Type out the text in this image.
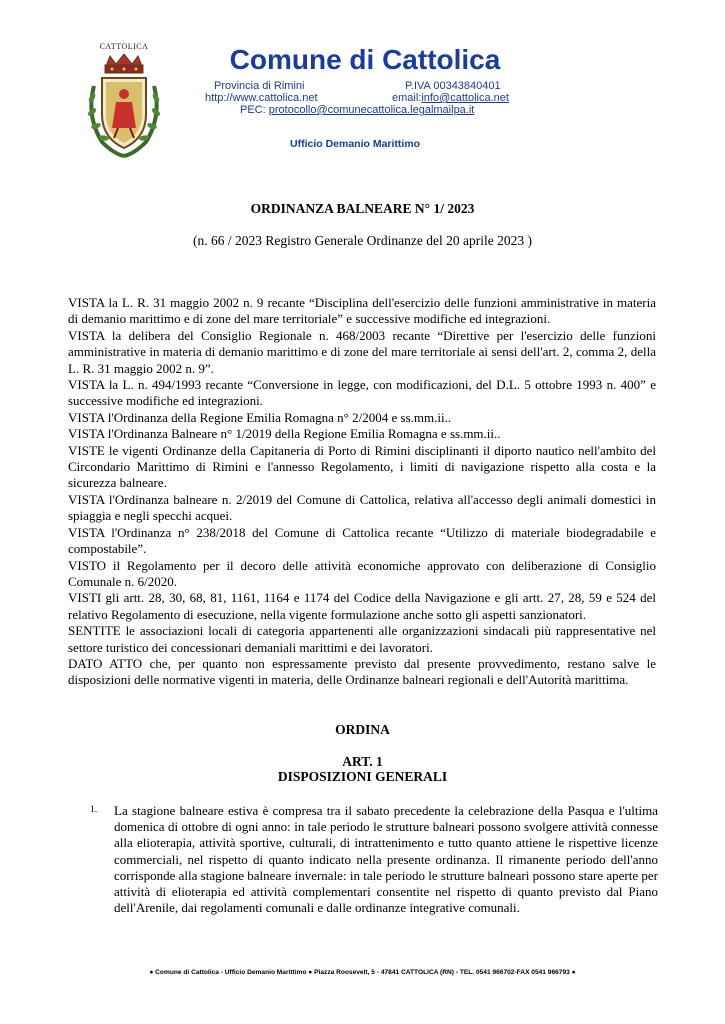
CATTOLICA	Comune di Cattolica
Provincia di Rimini	P.IVA 00343840401
http://www.cattolica.net	email:info@cattolica.net
PEC: protocollo@comunecattolica.legalmailpa.it
Ufficio Demanio Marittimo
ORDINANZA BALNEARE N° 1/ 2023
(n. 66 / 2023 Registro Generale Ordinanze del 20 aprile 2023 )

VISTA la L. R. 31 maggio 2002 n. 9 recante “Disciplina dell'esercizio delle funzioni amministrative in materia di demanio marittimo e di zone del mare territoriale” e successive modifiche ed integrazioni.

VISTA la delibera del Consiglio Regionale n. 468/2003 recante “Direttive per l'esercizio delle funzioni amministrative in materia di demanio marittimo e di zone del mare territoriale ai sensi dell'art. 2, comma 2, della L. R. 31 maggio 2002 n. 9”.

VISTA la L. n. 494/1993 recante “Conversione in legge, con modificazioni, del D.L. 5 ottobre 1993 n. 400” e successive modifiche ed integrazioni.

VISTA l'Ordinanza della Regione Emilia Romagna n° 2/2004 e ss.mm.ii..

VISTA l'Ordinanza Balneare n° 1/2019 della Regione Emilia Romagna e ss.mm.ii..

VISTE le vigenti Ordinanze della Capitaneria di Porto di Rimini disciplinanti il diporto nautico nell'ambito del Circondario Marittimo di Rimini e l'annesso Regolamento, i limiti di navigazione rispetto alla costa e la sicurezza balneare.

VISTA l'Ordinanza balneare n. 2/2019 del Comune di Cattolica, relativa all'accesso degli animali domestici in spiaggia e negli specchi acquei.

VISTA l'Ordinanza n° 238/2018 del Comune di Cattolica recante “Utilizzo di materiale biodegradabile e compostabile”.

VISTO il Regolamento per il decoro delle attività economiche approvato con deliberazione di Consiglio Comunale n. 6/2020.

VISTI gli artt. 28, 30, 68, 81, 1161, 1164 e 1174 del Codice della Navigazione e gli artt. 27, 28, 59 e 524 del relativo Regolamento di esecuzione, nella vigente formulazione anche sotto gli aspetti sanzionatori.

SENTITE le associazioni locali di categoria appartenenti alle organizzazioni sindacali più rappresentative nel settore turistico dei concessionari demaniali marittimi e dei lavoratori.

DATO ATTO che, per quanto non espressamente previsto dal presente provvedimento, restano salve le disposizioni delle normative vigenti in materia, delle Ordinanze balneari regionali e dell'Autorità marittima.

ORDINA
ART. 1
DISPOSIZIONI GENERALI
1. La stagione balneare estiva è compresa tra il sabato precedente la celebrazione della Pasqua e l'ultima domenica di ottobre di ogni anno: in tale periodo le strutture balneari possono svolgere attività connesse alla elioterapia, attività sportive, culturali, di intrattenimento e tutto quanto attiene le rispettive licenze commerciali, nel rispetto di quanto indicato nella presente ordinanza. Il rimanente periodo dell'anno corrisponde alla stagione balneare invernale: in tale periodo le strutture balneari possono stare aperte per attività di elioterapia ed attività complementari consentite nel rispetto di quanto previsto dal Piano dell'Arenile, dai regolamenti comunali e dalle ordinanze integrative comunali.
● Comune di Cattolica - Ufficio Demanio Marittimo ● Piazza Roosevelt, 5 - 47841 CATTOLICA (RN) - TEL. 0541 966702-FAX 0541 966793 ●
